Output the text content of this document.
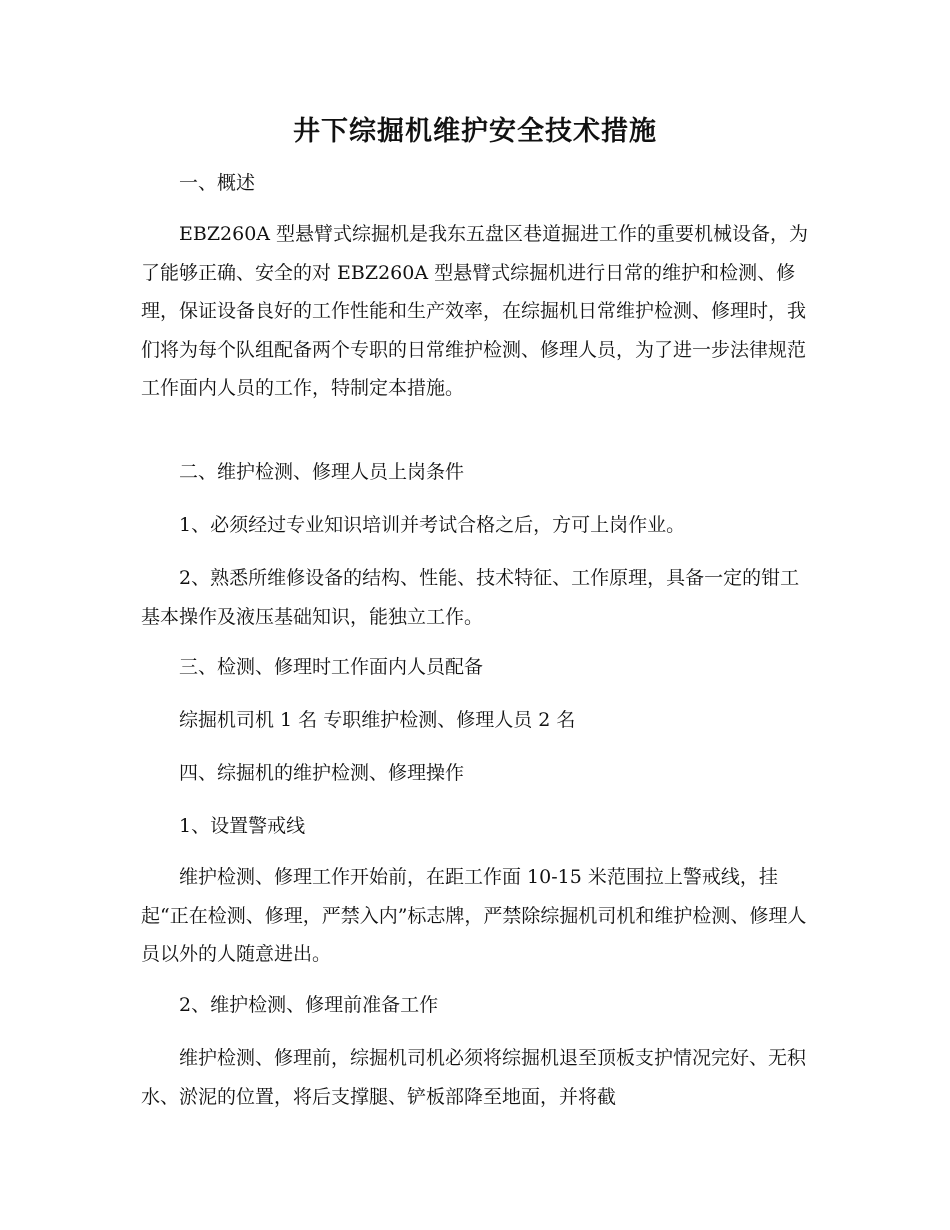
井下综掘机维护安全技术措施

一、概述

EBZ260A 型悬臂式综掘机是我东五盘区巷道掘进工作的重要机械设备，为了能够正确、安全的对 EBZ260A 型悬臂式综掘机进行日常的维护和检测、修理，保证设备良好的工作性能和生产效率，在综掘机日常维护检测、修理时，我们将为每个队组配备两个专职的日常维护检测、修理人员，为了进一步法律规范工作面内人员的工作，特制定本措施。

二、维护检测、修理人员上岗条件

1、必须经过专业知识培训并考试合格之后，方可上岗作业。

2、熟悉所维修设备的结构、性能、技术特征、工作原理，具备一定的钳工基本操作及液压基础知识，能独立工作。

三、检测、修理时工作面内人员配备

综掘机司机 1 名 专职维护检测、修理人员 2 名

四、综掘机的维护检测、修理操作

1、设置警戒线

维护检测、修理工作开始前，在距工作面 10-15 米范围拉上警戒线，挂起“正在检测、修理，严禁入内”标志牌，严禁除综掘机司机和维护检测、修理人员以外的人随意进出。

2、维护检测、修理前准备工作

维护检测、修理前，综掘机司机必须将综掘机退至顶板支护情况完好、无积水、淤泥的位置，将后支撑腿、铲板部降至地面，并将截
